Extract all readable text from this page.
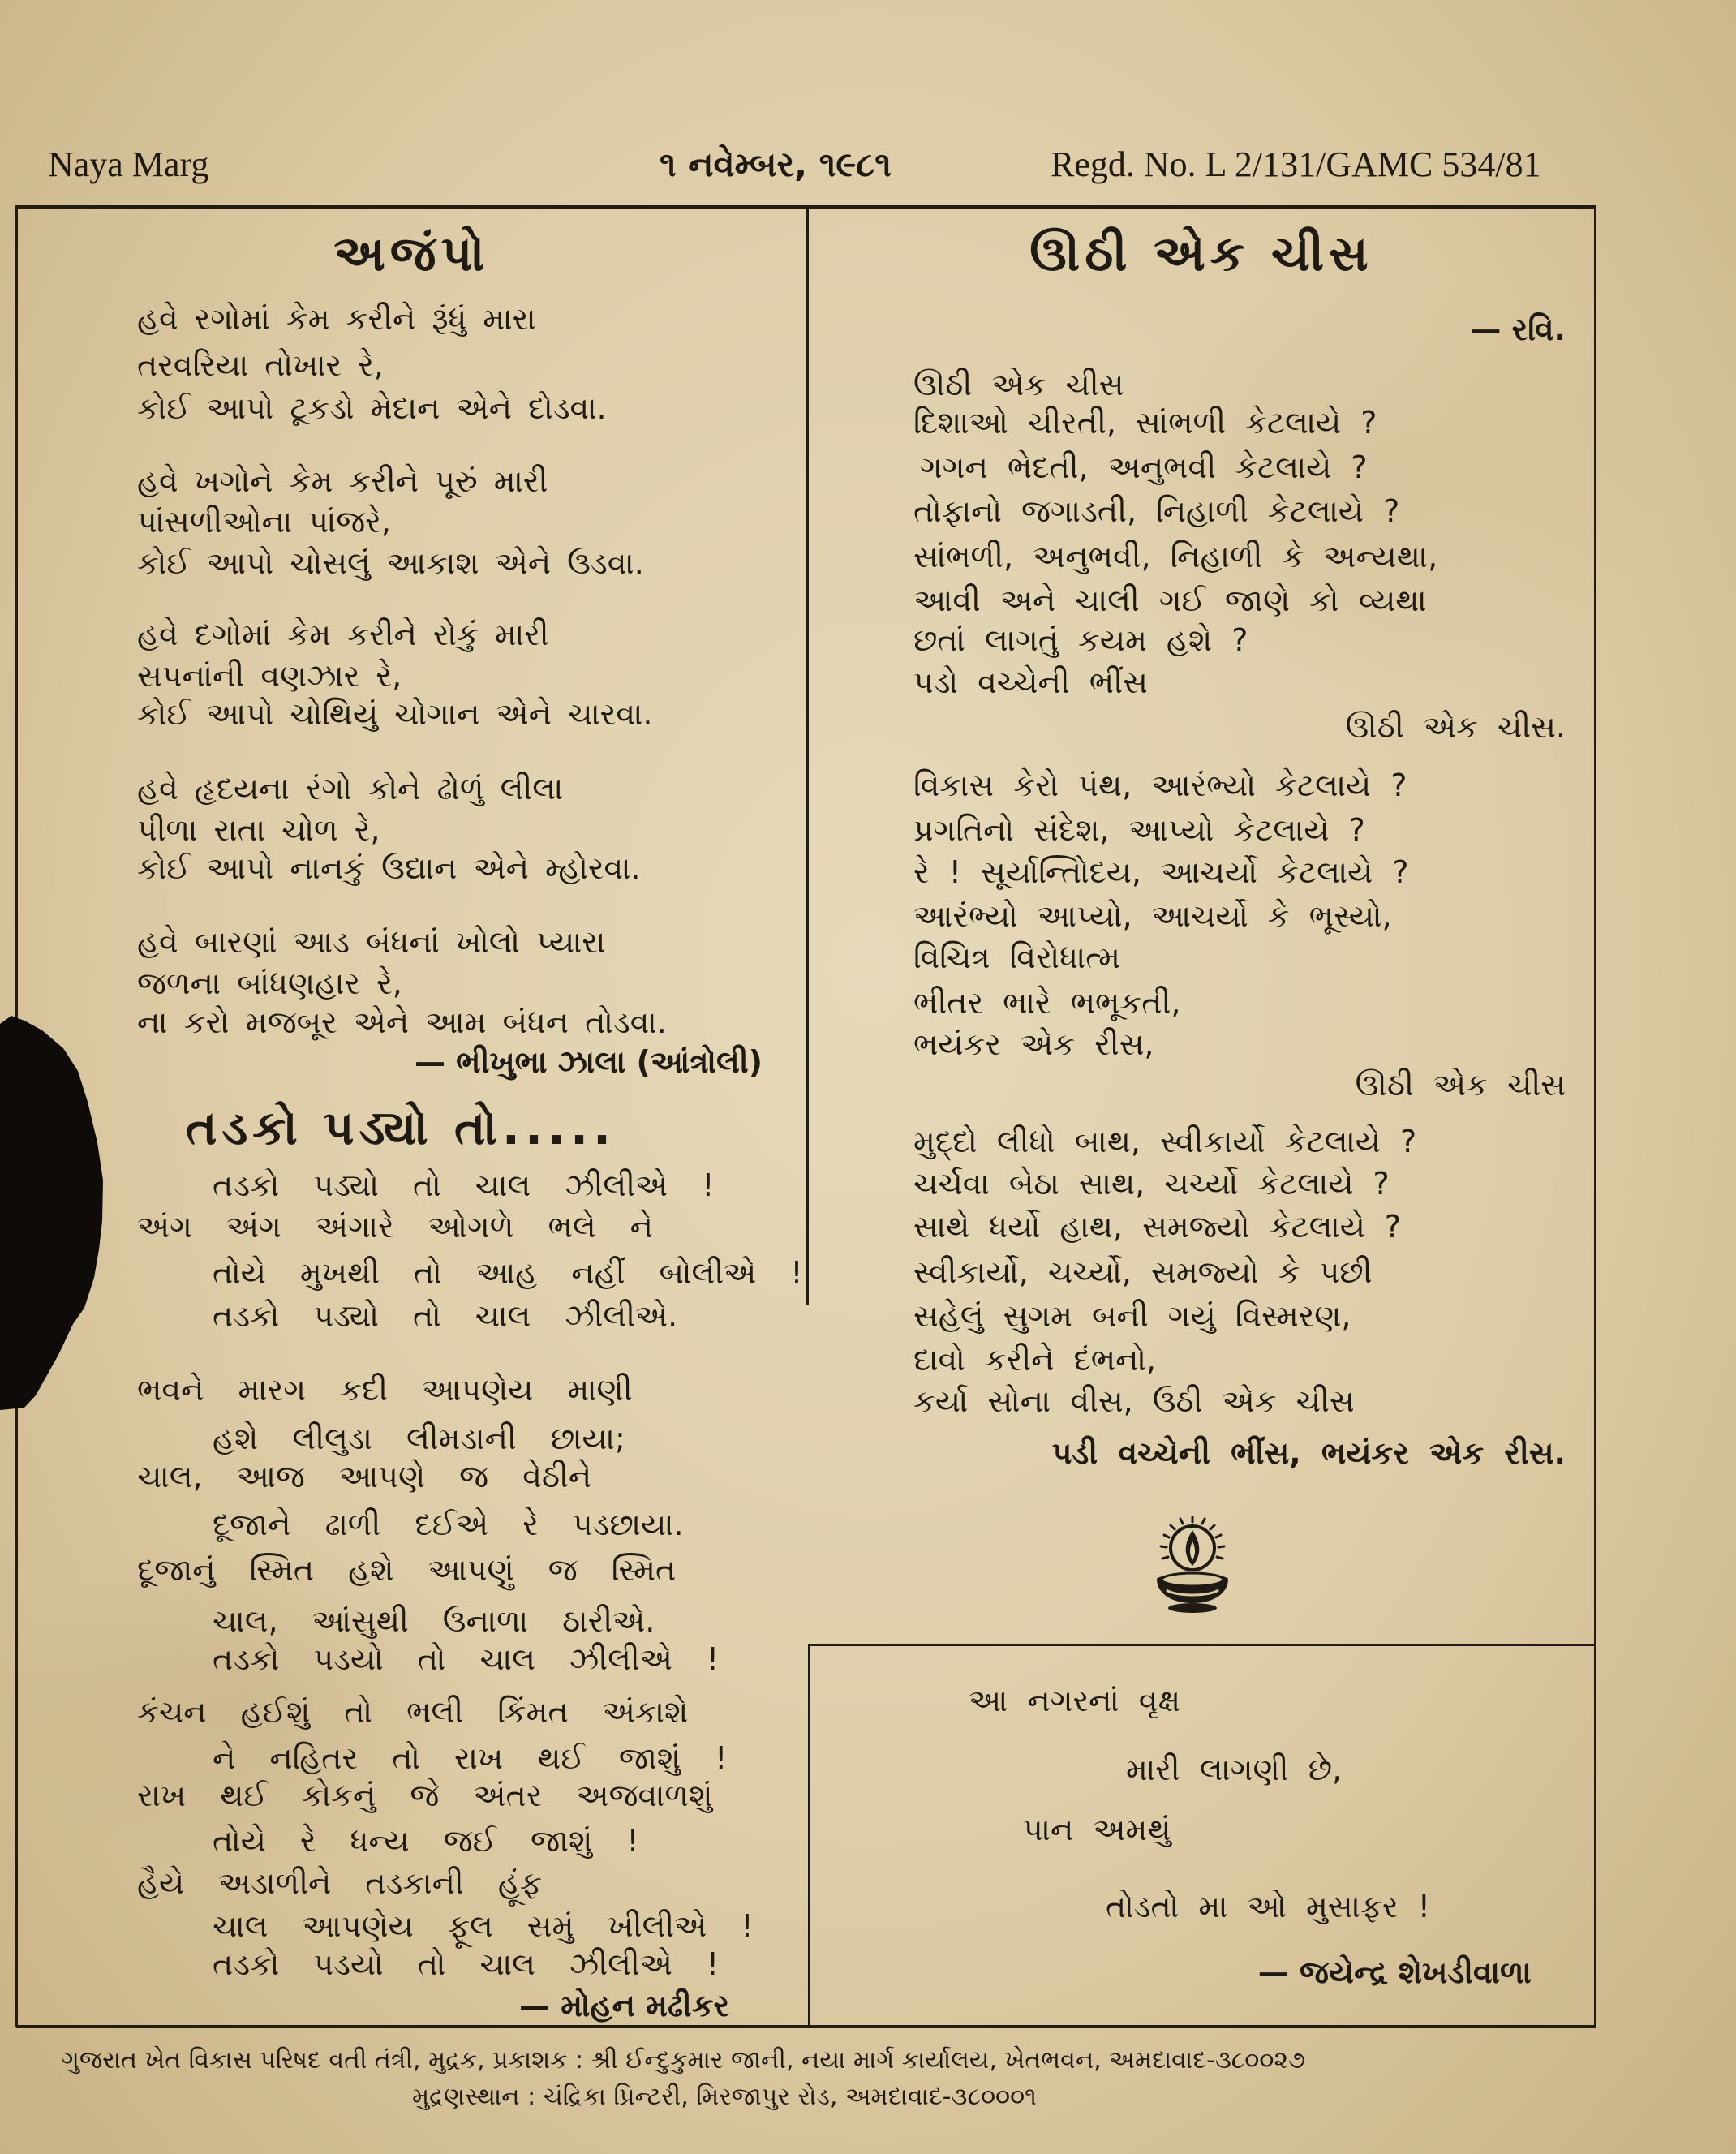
Naya Marg	૧ નવેમ્બર, ૧૯૮૧	Regd. No. L 2/131/GAMC 534/81
અજંપો
હવે રગોમાં કેમ કરીને રૂંધું મારા
તરવરિયા તોખાર રે,
કોઈ આપો ટૂકડો મેદાન એને દોડવા.
હવે ખગોને કેમ કરીને પૂરું મારી
પાંસળીઓના પાંજરે,
કોઈ આપો ચોસલું આકાશ એને ઉડવા.
હવે દગોમાં કેમ કરીને રોકું મારી
સપનાંની વણઝાર રે,
કોઈ આપો ચોથિયું ચોગાન એને ચારવા.
હવે હૃદયના રંગો કોને ઢોળું લીલા
પીળા રાતા ચોળ રે,
કોઈ આપો નાનકું ઉદ્યાન એને મ્હોરવા.
હવે બારણાં આડ બંધનાં ખોલો પ્યારા
જળના બાંધણહાર રે,
ના કરો મજબૂર એને આમ બંધન તોડવા.
— ભીખુભા ઝાલા (આંત્રોલી)
તડકો પડ્યો તો.....
તડકો પડ્યો તો ચાલ ઝીલીએ !
અંગ અંગ અંગારે ઓગળે ભલે ને
તોયે મુખથી તો આહ નહીં બોલીએ !
તડકો પડ્યો તો ચાલ ઝીલીએ.
ભવને મારગ કદી આપણેય માણી
હશે લીલુડા લીમડાની છાયા;
ચાલ, આજ આપણે જ વેઠીને
દૂજાને ઢાળી દઈએ રે પડછાયા.
દૂજાનું સ્મિત હશે આપણું જ સ્મિત
ચાલ, આંસુથી ઉનાળા ઠારીએ.
તડકો પડયો તો ચાલ ઝીલીએ !
કંચન હઈશું તો ભલી કિંમત અંકાશે
ને નહિતર તો રાખ થઈ જાશું !
રાખ થઈ કોકનું જે અંતર અજવાળશું
તોયે રે ધન્ય જઈ જાશું !
હૈયે અડાળીને તડકાની હૂંફ
ચાલ આપણેય ફૂલ સમું ખીલીએ !
તડકો પડયો તો ચાલ ઝીલીએ !
— મોહન મઢીકર
ઊઠી એક ચીસ
— રવિ.
ઊઠી એક ચીસ
દિશાઓ ચીરતી, સાંભળી કેટલાયે ?
ગગન ભેદતી, અનુભવી કેટલાયે ?
તોફાનો જગાડતી, નિહાળી કેટલાયે ?
સાંભળી, અનુભવી, નિહાળી કે અન્યથા,
આવી અને ચાલી ગઈ જાણે કો વ્યથા
છતાં લાગતું કયમ હશે ?
પડો વચ્ચેની ભીંસ
ઊઠી એક ચીસ.
વિકાસ કેરો પંથ, આરંભ્યો કેટલાયે ?
પ્રગતિનો સંદેશ, આપ્યો કેટલાયે ?
રે ! સૂર્યાન્તિોદય, આચર્યો કેટલાયે ?
આરંભ્યો આપ્યો, આચર્યો કે ભૂસ્યો,
વિચિત્ર વિરોધાત્મ
ભીતર ભારે ભભૂકતી,
ભયંકર એક રીસ,
ઊઠી એક ચીસ
મુદ્દો લીધો બાથ, સ્વીકાર્યો કેટલાયે ?
ચર્ચવા બેઠા સાથ, ચર્ચ્યો કેટલાયે ?
સાથે ધર્યો હાથ, સમજ્યો કેટલાયે ?
સ્વીકાર્યો, ચર્ચ્યો, સમજ્યો કે પછી
સહેલું સુગમ બની ગયું વિસ્મરણ,
દાવો કરીને દંભનો,
કર્યા સોના વીસ, ઉઠી એક ચીસ
પડી વચ્ચેની ભીંસ, ભયંકર એક રીસ.
આ નગરનાં વૃક્ષ
મારી લાગણી છે,
પાન અમથું
તોડતો મા ઓ મુસાફર !
— જયેન્દ્ર શેખડીવાળા
ગુજરાત ખેત વિકાસ પરિષદ વતી તંત્રી, મુદ્રક, પ્રકાશક : શ્રી ઈન્દુકુમાર જાની, નયા માર્ગ કાર્યાલય, ખેતભવન, અમદાવાદ-૩૮૦૦૨૭
મુદ્રણસ્થાન : ચંદ્રિકા પ્રિન્ટરી, મિરજાપુર રોડ, અમદાવાદ-૩૮૦૦૦૧
